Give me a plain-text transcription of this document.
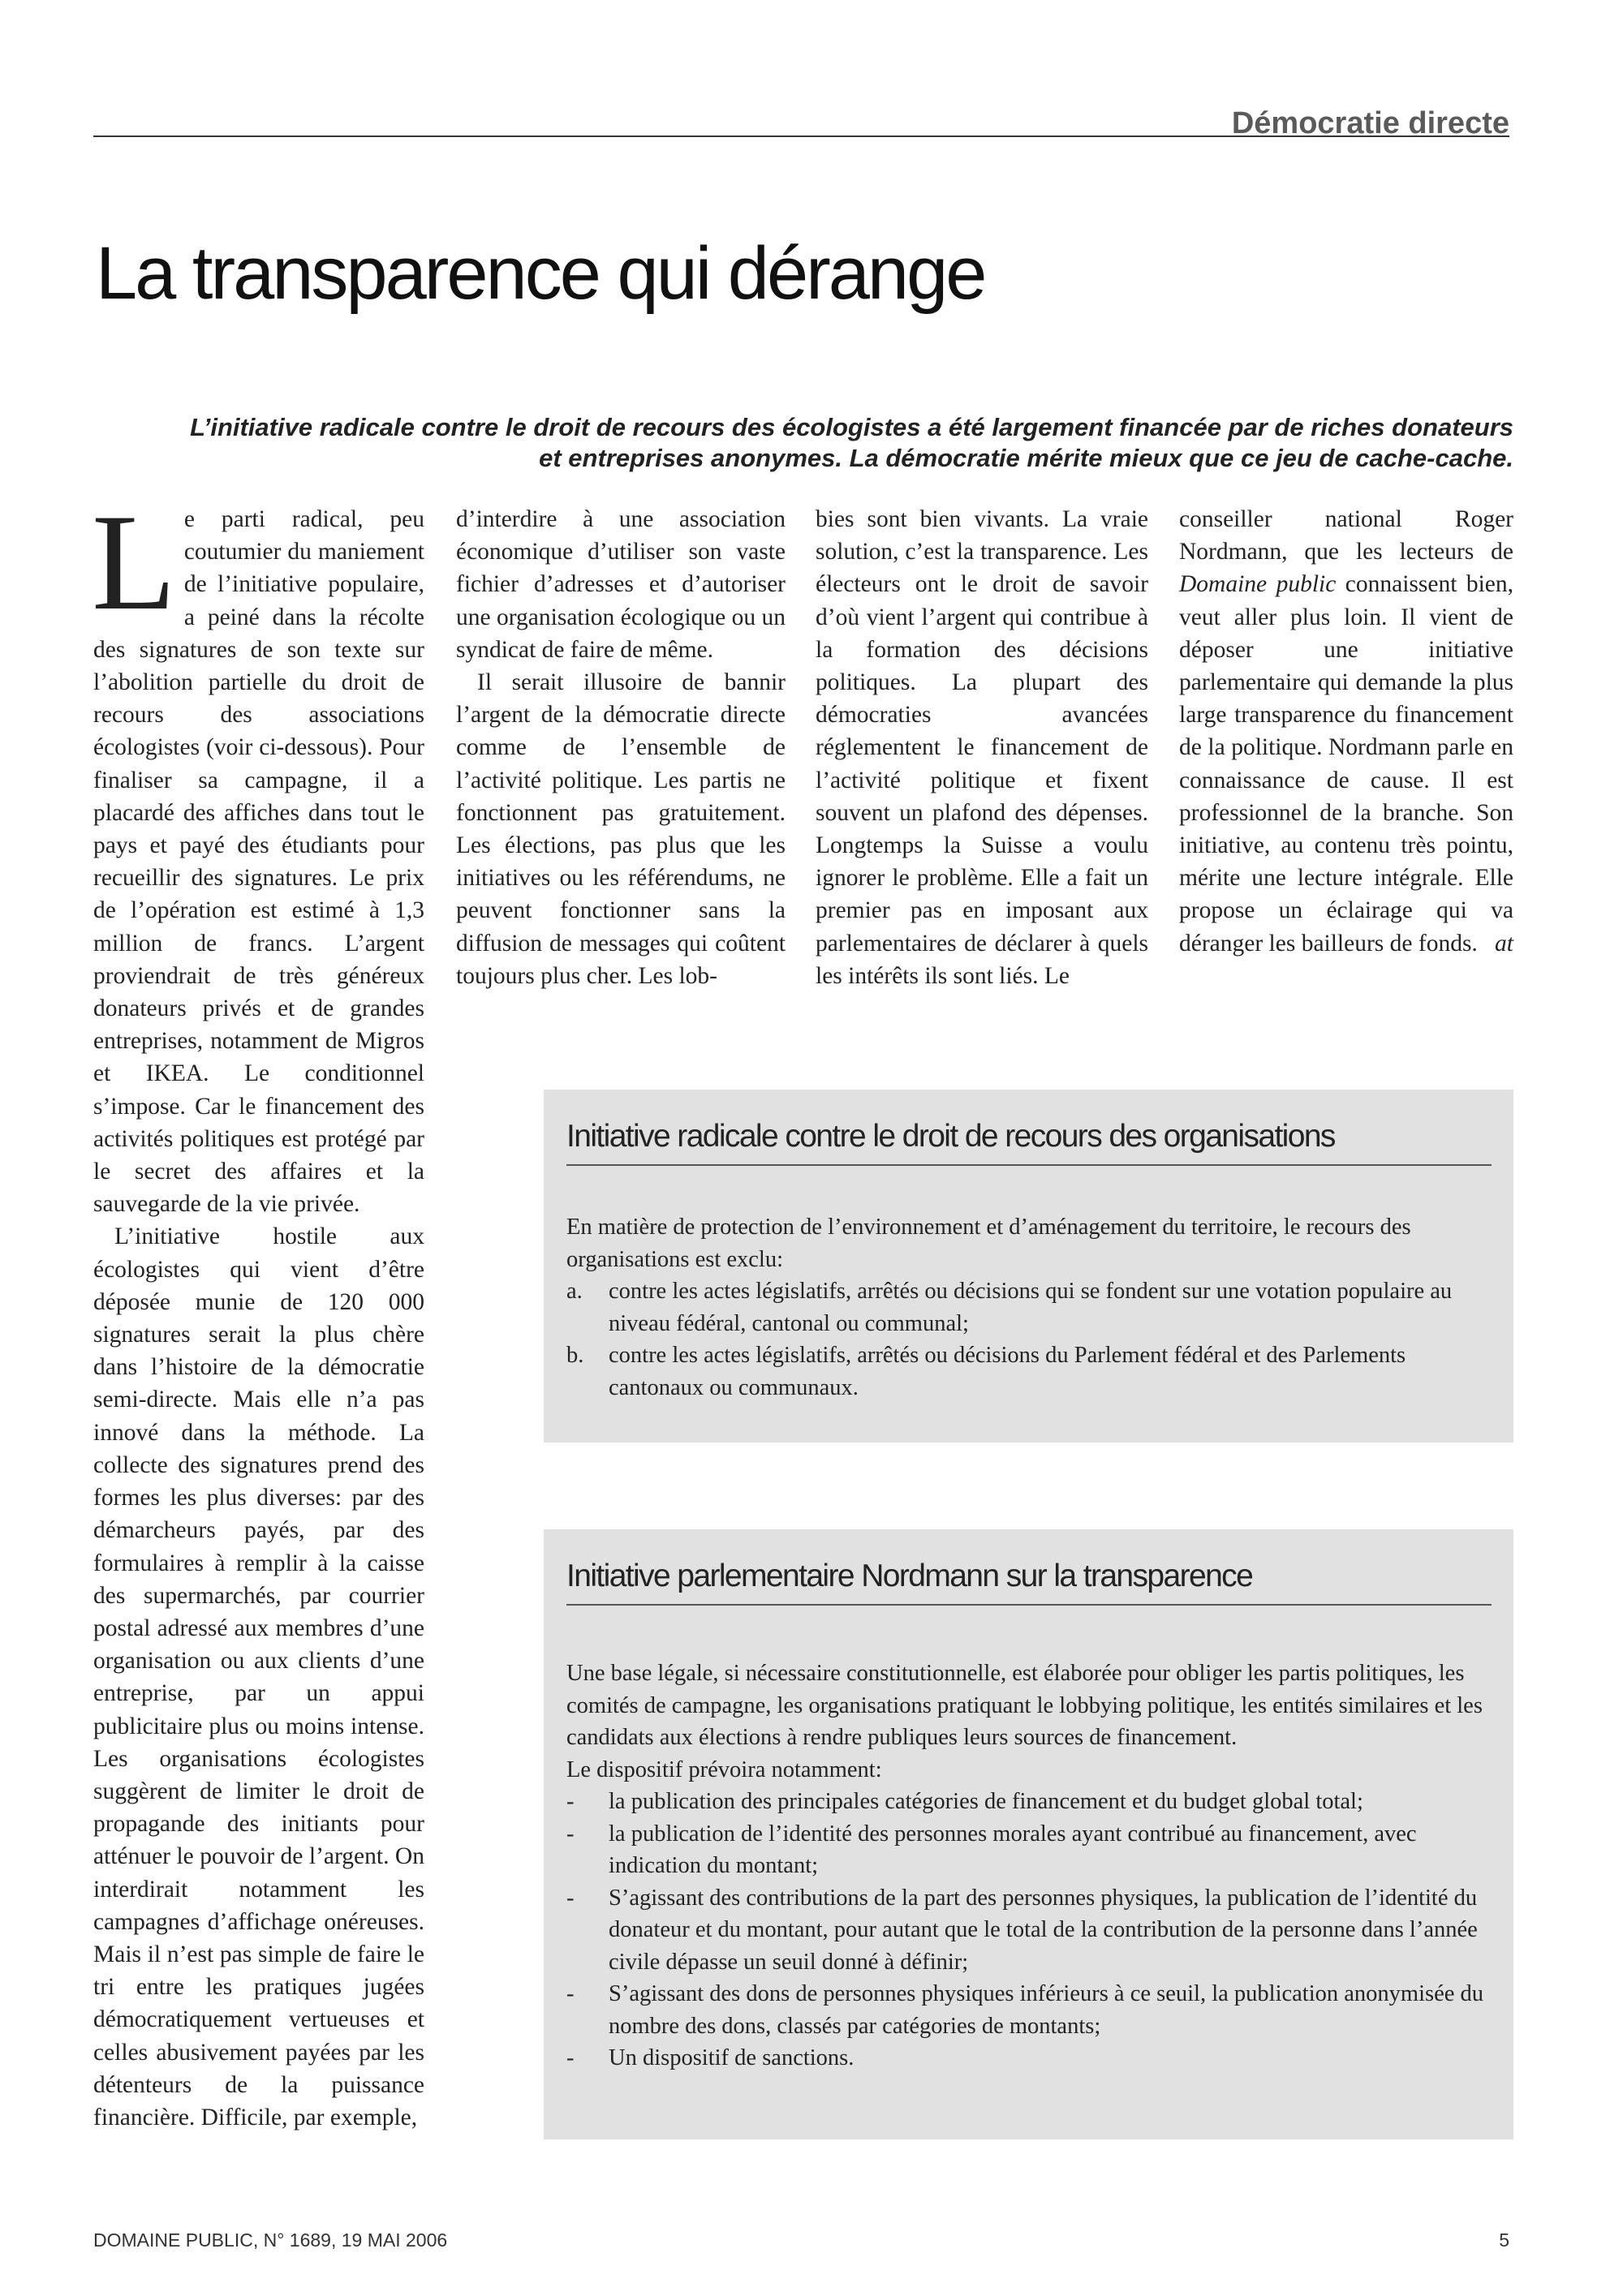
Démocratie directe
La transparence qui dérange
L’initiative radicale contre le droit de recours des écologistes a été largement financée par de riches donateurs et entreprises anonymes. La démocratie mérite mieux que ce jeu de cache-cache.

Le parti radical, peu coutumier du maniement de l’initiative populaire, a peiné dans la récolte des signatures de son texte sur l’abolition partielle du droit de recours des associations écologistes (voir ci-dessous). Pour finaliser sa campagne, il a placardé des affiches dans tout le pays et payé des étudiants pour recueillir des signatures. Le prix de l’opération est estimé à 1,3 million de francs. L’argent proviendrait de très généreux donateurs privés et de grandes entreprises, notamment de Migros et IKEA. Le conditionnel s’impose. Car le financement des activités politiques est protégé par le secret des affaires et la sauvegarde de la vie privée.

L’initiative hostile aux écologistes qui vient d’être déposée munie de 120 000 signatures serait la plus chère dans l’histoire de la démocratie semi-directe. Mais elle n’a pas innové dans la méthode. La collecte des signatures prend des formes les plus diverses: par des démarcheurs payés, par des formulaires à remplir à la caisse des supermarchés, par courrier postal adressé aux membres d’une organisation ou aux clients d’une entreprise, par un appui publicitaire plus ou moins intense. Les organisations écologistes suggèrent de limiter le droit de propagande des initiants pour atténuer le pouvoir de l’argent. On interdirait notamment les campagnes d’affichage onéreuses. Mais il n’est pas simple de faire le tri entre les pratiques jugées démocratiquement vertueuses et celles abusivement payées par les détenteurs de la puissance financière. Difficile, par exemple,

d’interdire à une association économique d’utiliser son vaste fichier d’adresses et d’autoriser une organisation écologique ou un syndicat de faire de même.

Il serait illusoire de bannir l’argent de la démocratie directe comme de l’ensemble de l’activité politique. Les partis ne fonctionnent pas gratuitement. Les élections, pas plus que les initiatives ou les référendums, ne peuvent fonctionner sans la diffusion de messages qui coûtent toujours plus cher. Les lob-

bies sont bien vivants. La vraie solution, c’est la transparence. Les électeurs ont le droit de savoir d’où vient l’argent qui contribue à la formation des décisions politiques. La plupart des démocraties avancées réglementent le financement de l’activité politique et fixent souvent un plafond des dépenses. Longtemps la Suisse a voulu ignorer le problème. Elle a fait un premier pas en imposant aux parlementaires de déclarer à quels les intérêts ils sont liés. Le

conseiller national Roger Nordmann, que les lecteurs de Domaine public connaissent bien, veut aller plus loin. Il vient de déposer une initiative parlementaire qui demande la plus large transparence du financement de la politique. Nordmann parle en connaissance de cause. Il est professionnel de la branche. Son initiative, au contenu très pointu, mérite une lecture intégrale. Elle propose un éclairage qui va déranger les bailleurs de fonds. at

Initiative radicale contre le droit de recours des organisations

En matière de protection de l’environnement et d’aménagement du territoire, le recours des organisations est exclu:

a.	contre les actes législatifs, arrêtés ou décisions qui se fondent sur une votation populaire au niveau fédéral, cantonal ou communal;
b.	contre les actes législatifs, arrêtés ou décisions du Parlement fédéral et des Parlements cantonaux ou communaux.
Initiative parlementaire Nordmann sur la transparence

Une base légale, si nécessaire constitutionnelle, est élaborée pour obliger les partis politiques, les comités de campagne, les organisations pratiquant le lobbying politique, les entités similaires et les candidats aux élections à rendre publiques leurs sources de financement.

Le dispositif prévoira notamment:

-	la publication des principales catégories de financement et du budget global total;
-	la publication de l’identité des personnes morales ayant contribué au financement, avec indication du montant;
-	S’agissant des contributions de la part des personnes physiques, la publication de l’identité du donateur et du montant, pour autant que le total de la contribution de la personne dans l’année civile dépasse un seuil donné à définir;
-	S’agissant des dons de personnes physiques inférieurs à ce seuil, la publication anonymisée du nombre des dons, classés par catégories de montants;
-	Un dispositif de sanctions.
DOMAINE PUBLIC, N° 1689, 19 MAI 2006	5
